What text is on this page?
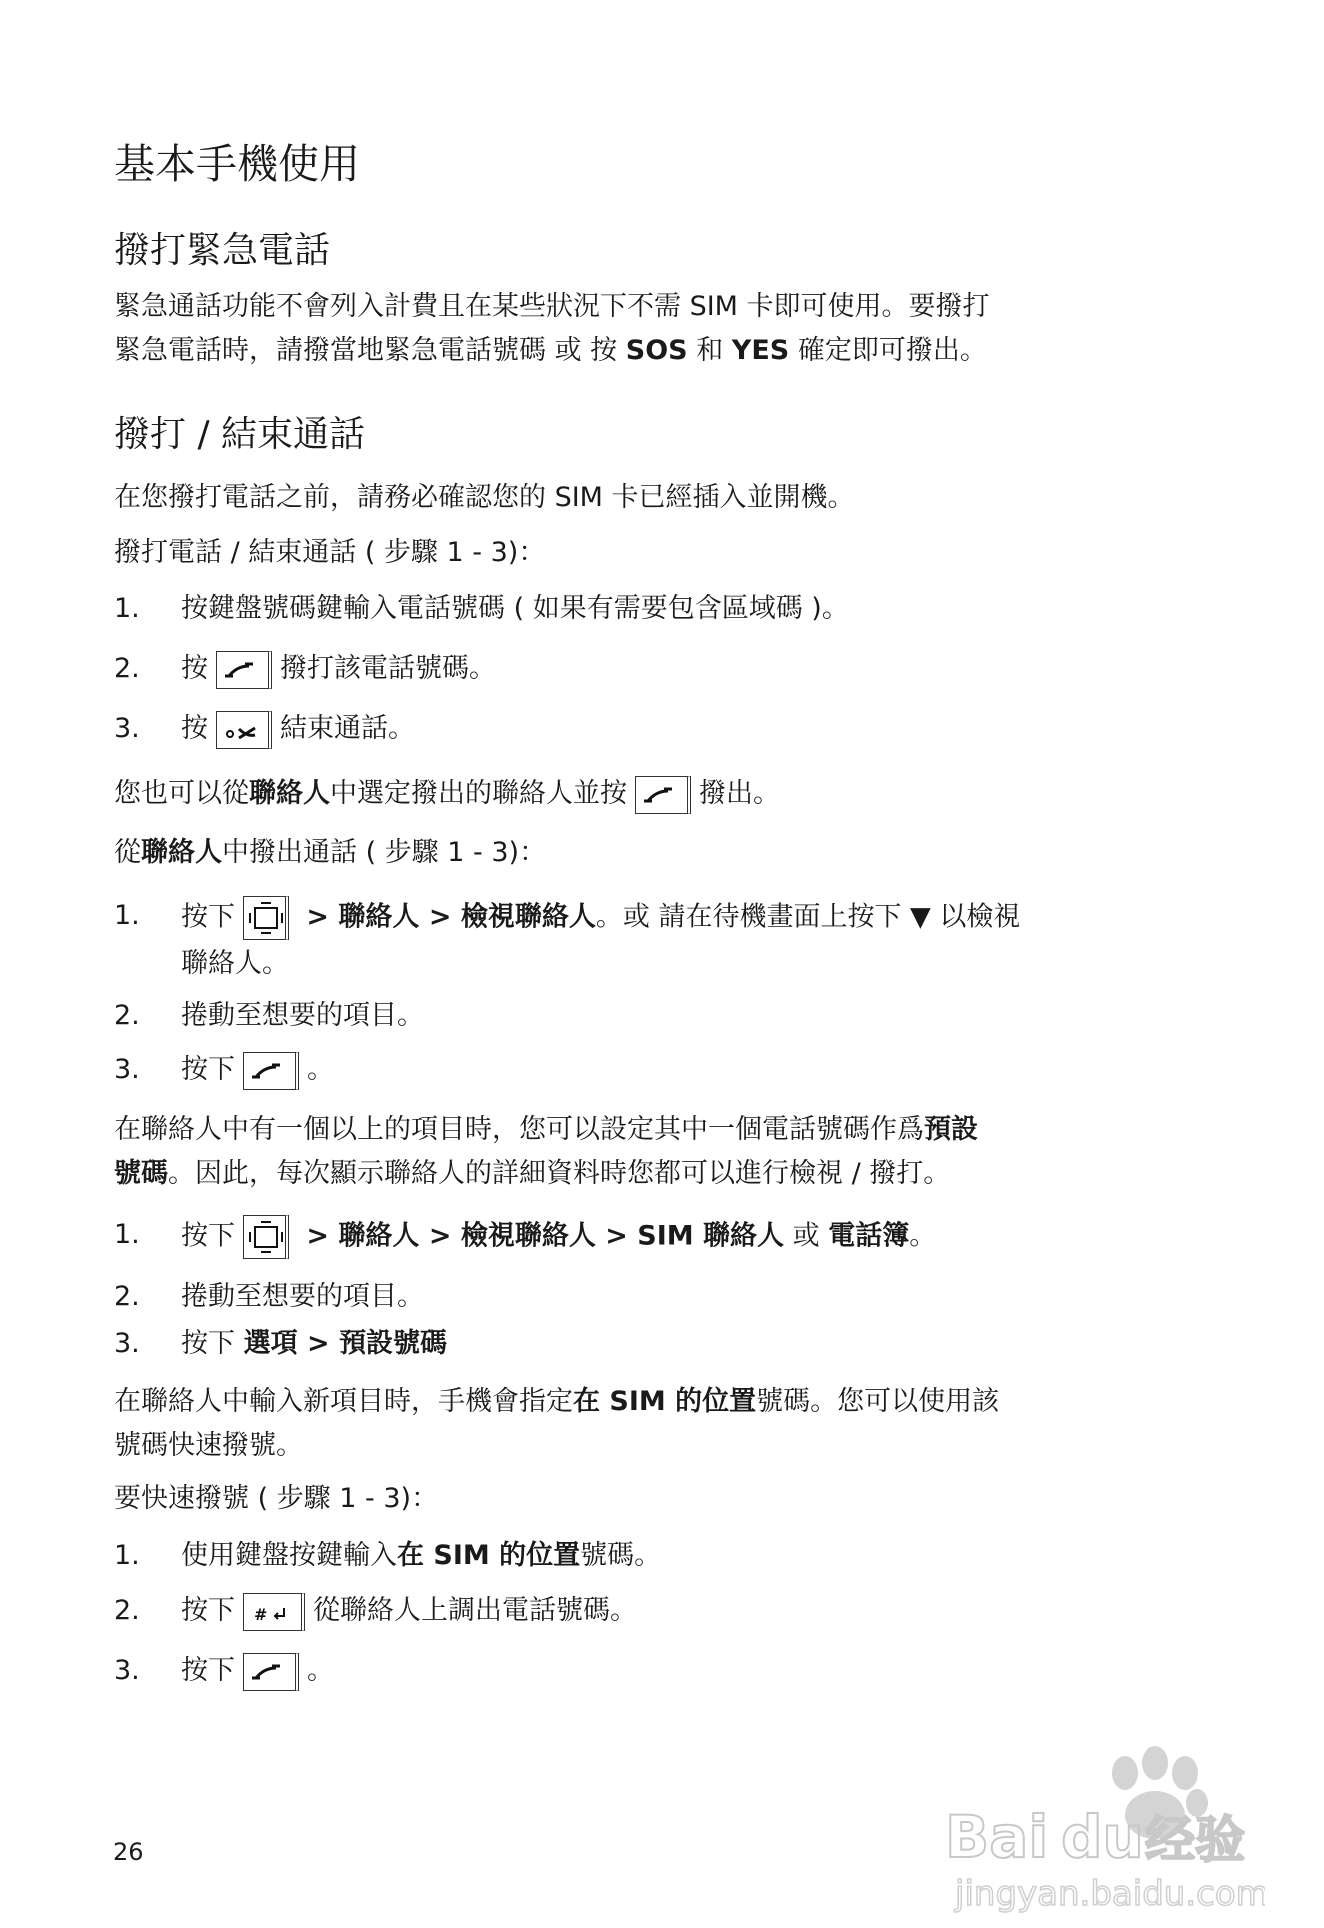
基本手機使用
撥打緊急電話
緊急通話功能不會列入計費且在某些狀況下不需 SIM 卡即可使用。要撥打
緊急電話時，請撥當地緊急電話號碼 或 按 SOS 和 YES 確定即可撥出。
撥打 / 結束通話
在您撥打電話之前，請務必確認您的 SIM 卡已經插入並開機。
撥打電話 / 結束通話 ( 步驟 1 - 3)：
1. 按鍵盤號碼鍵輸入電話號碼 ( 如果有需要包含區域碼 )。
2. 按	撥打該電話號碼。
3. 按	結束通話。
您也可以從聯絡人中選定撥出的聯絡人並按	撥出。
從聯絡人中撥出通話 ( 步驟 1 - 3)：
1. 按下
> 聯絡人 > 檢視聯絡人。或 請在待機畫面上按下 ▼ 以檢視
聯絡人。
2. 捲動至想要的項目。
3. 按下	。
在聯絡人中有一個以上的項目時，您可以設定其中一個電話號碼作爲預設
號碼。因此，每次顯示聯絡人的詳細資料時您都可以進行檢視 / 撥打。
1. 按下
> 聯絡人 > 檢視聯絡人 > SIM 聯絡人 或 電話簿。
2. 捲動至想要的項目。
3. 按下 選項 > 預設號碼
在聯絡人中輸入新項目時，手機會指定在 SIM 的位置號碼。您可以使用該
號碼快速撥號。
要快速撥號 ( 步驟 1 - 3)：
1. 使用鍵盤按鍵輸入在 SIM 的位置號碼。
2. 按下 # 從聯絡人上調出電話號碼。
3. 按下	。
26	Bai du 经验
jingyan.baidu.com
